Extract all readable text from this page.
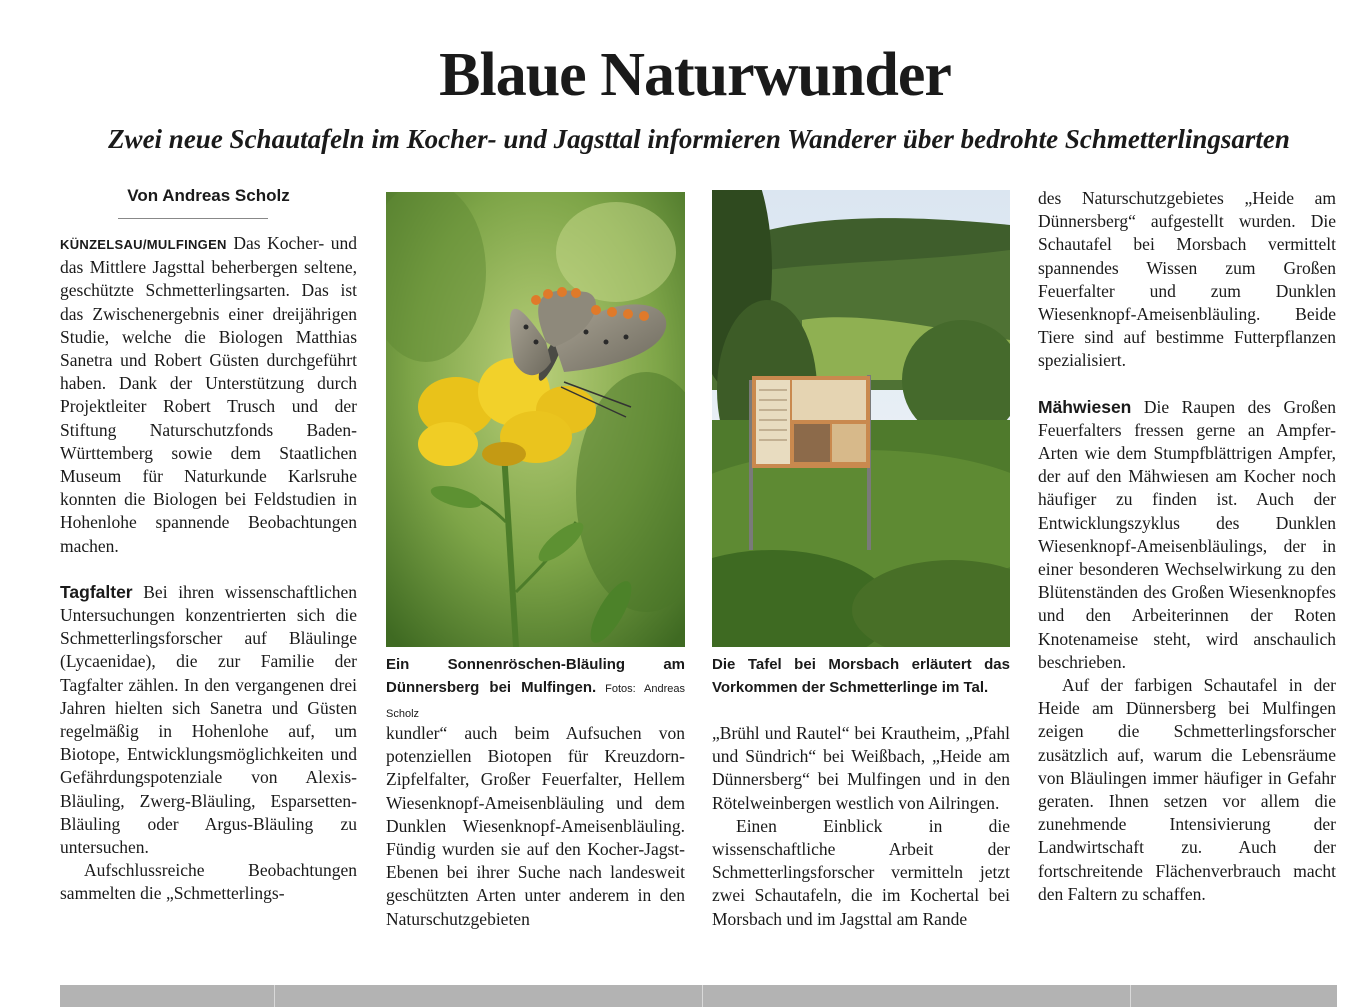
Blaue Naturwunder
Zwei neue Schautafeln im Kocher- und Jagsttal informieren Wanderer über bedrohte Schmetterlingsarten
Von Andreas Scholz

KÜNZELSAU/MULFINGEN Das Kocher- und das Mittlere Jagsttal beherbergen seltene, geschützte Schmetterlingsarten. Das ist das Zwischenergebnis einer dreijährigen Studie, welche die Biologen Matthias Sanetra und Robert Güsten durchgeführt haben. Dank der Unterstützung durch Projektleiter Robert Trusch und der Stiftung Naturschutzfonds Baden-Württemberg sowie dem Staatlichen Museum für Naturkunde Karlsruhe konnten die Biologen bei Feldstudien in Hohenlohe spannende Beobachtungen machen.

Tagfalter Bei ihren wissenschaftlichen Untersuchungen konzentrierten sich die Schmetterlingsforscher auf Bläulinge (Lycaenidae), die zur Familie der Tagfalter zählen. In den vergangenen drei Jahren hielten sich Sanetra und Güsten regelmäßig in Hohenlohe auf, um Biotope, Entwicklungsmöglichkeiten und Gefährdungspotenziale von Alexis-Bläuling, Zwerg-Bläuling, Esparsetten-Bläuling oder Argus-Bläuling zu untersuchen.

Aufschlussreiche Beobachtungen sammelten die „Schmetterlings-

Ein Sonnenröschen-Bläuling am Dünnersberg bei Mulfingen. Fotos: Andreas Scholz

kundler“ auch beim Aufsuchen von potenziellen Biotopen für Kreuzdorn-Zipfelfalter, Großer Feuerfalter, Hellem Wiesenknopf-Ameisenbläuling und dem Dunklen Wiesenknopf-Ameisenbläuling. Fündig wurden sie auf den Kocher-Jagst-Ebenen bei ihrer Suche nach landesweit geschützten Arten unter anderem in den Naturschutzgebieten

Die Tafel bei Morsbach erläutert das Vorkommen der Schmetterlinge im Tal.

„Brühl und Rautel“ bei Krautheim, „Pfahl und Sündrich“ bei Weißbach, „Heide am Dünnersberg“ bei Mulfingen und in den Rötelweinbergen westlich von Ailringen.

Einen Einblick in die wissenschaftliche Arbeit der Schmetterlingsforscher vermitteln jetzt zwei Schautafeln, die im Kochertal bei Morsbach und im Jagsttal am Rande

des Naturschutzgebietes „Heide am Dünnersberg“ aufgestellt wurden. Die Schautafel bei Morsbach vermittelt spannendes Wissen zum Großen Feuerfalter und zum Dunklen Wiesenknopf-Ameisenbläuling. Beide Tiere sind auf bestimme Futterpflanzen spezialisiert.

Mähwiesen Die Raupen des Großen Feuerfalters fressen gerne an Ampfer-Arten wie dem Stumpfblättrigen Ampfer, der auf den Mähwiesen am Kocher noch häufiger zu finden ist. Auch der Entwicklungszyklus des Dunklen Wiesenknopf-Ameisenbläulings, der in einer besonderen Wechselwirkung zu den Blütenständen des Großen Wiesenknopfes und den Arbeiterinnen der Roten Knotenameise steht, wird anschaulich beschrieben.

Auf der farbigen Schautafel in der Heide am Dünnersberg bei Mulfingen zeigen die Schmetterlingsforscher zusätzlich auf, warum die Lebensräume von Bläulingen immer häufiger in Gefahr geraten. Ihnen setzen vor allem die zunehmende Intensivierung der Landwirtschaft zu. Auch der fortschreitende Flächenverbrauch macht den Faltern zu schaffen.
